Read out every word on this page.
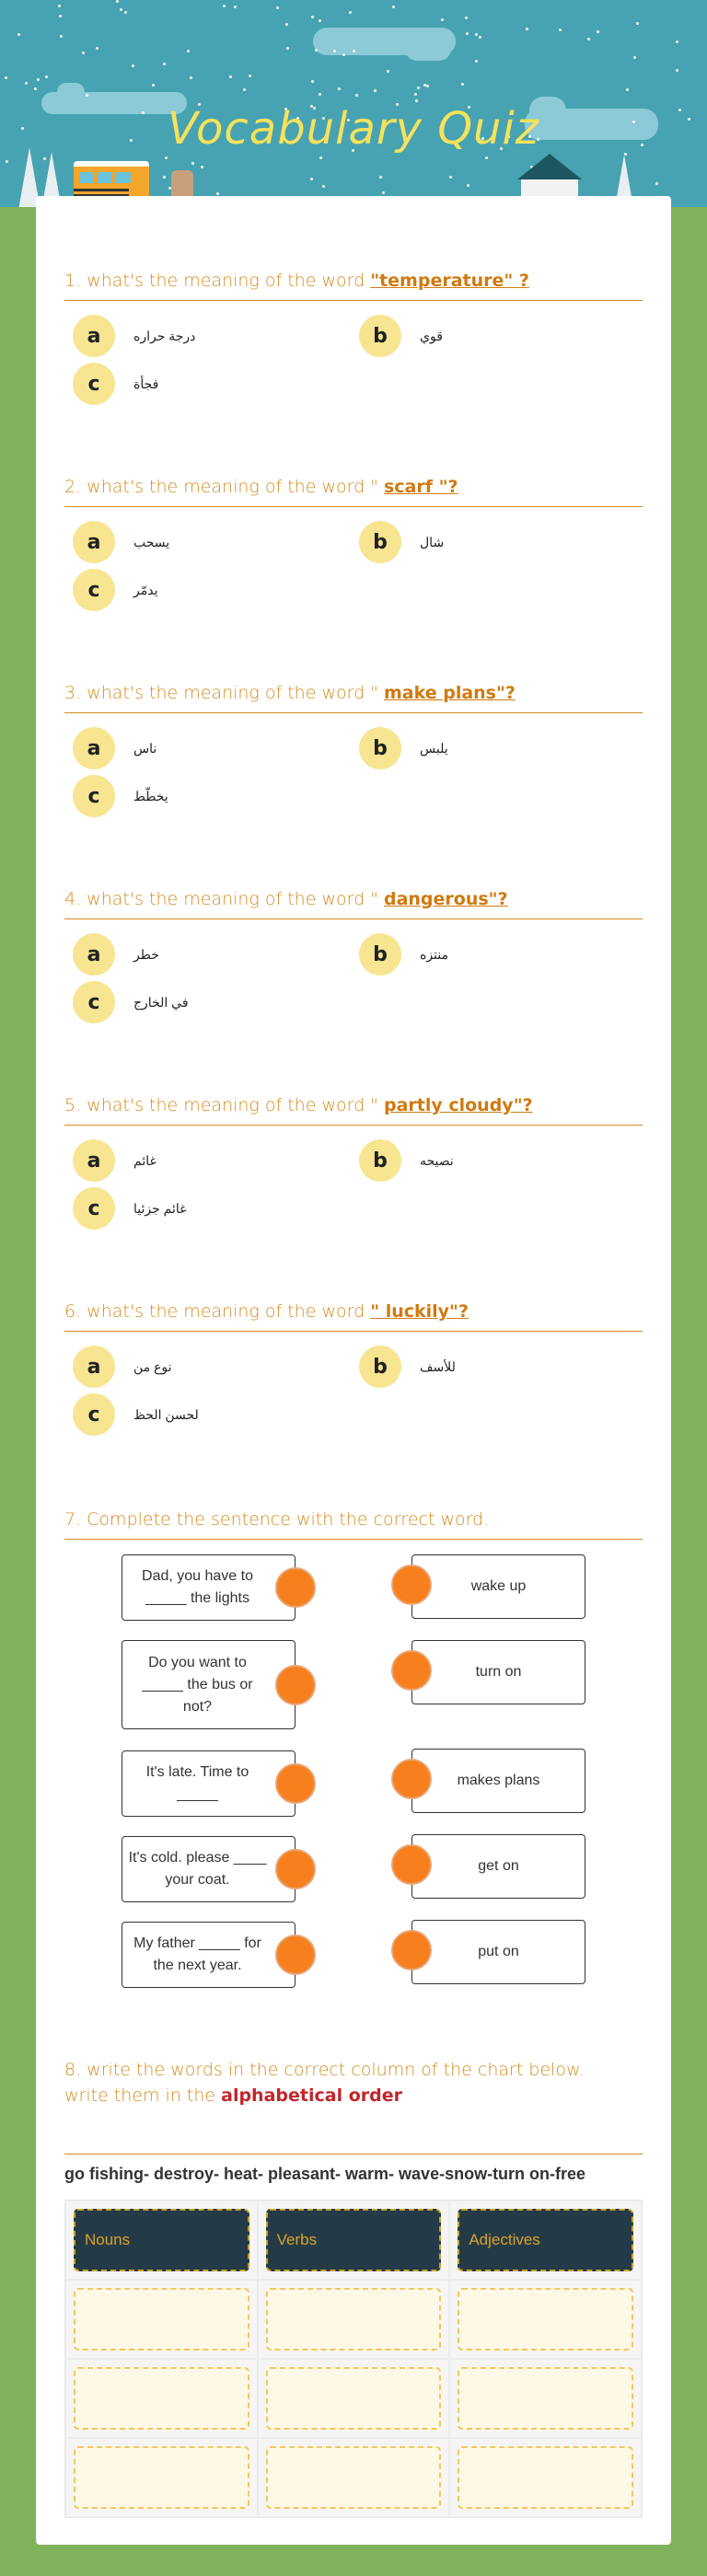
Vocabulary Quiz
1. what's the meaning of the word "temperature" ?
a	درجة حراره	b	قوي
c	فجأة
2. what's the meaning of the word " scarf "?
a	يسحب	b	شال
c	يدمّر
3. what's the meaning of the word " make plans"?
a	ناس	b	يلبس
c	يخطّط
4. what's the meaning of the word " dangerous"?
a	خطر	b	منتزه
c	في الخارج
5. what's the meaning of the word " partly cloudy"?
a	غائم	b	نصيحه
c	غائم جزئيا
6. what's the meaning of the word " luckily"?
a	نوع من	b	للأسف
c	لحسن الحظ
7. Complete the sentence with the correct word.
Dad, you have to _____ the lights
wake up
Do you want to _____ the bus or not?
turn on
It's late. Time to _____
makes plans
It's cold. please ____ your coat.
get on
My father _____ for the next year.
put on
8. write the words in the correct column of the chart below.
write them in the alphabetical order
go fishing- destroy- heat- pleasant- warm- wave-snow-turn on-free
Nouns	Verbs	Adjectives
